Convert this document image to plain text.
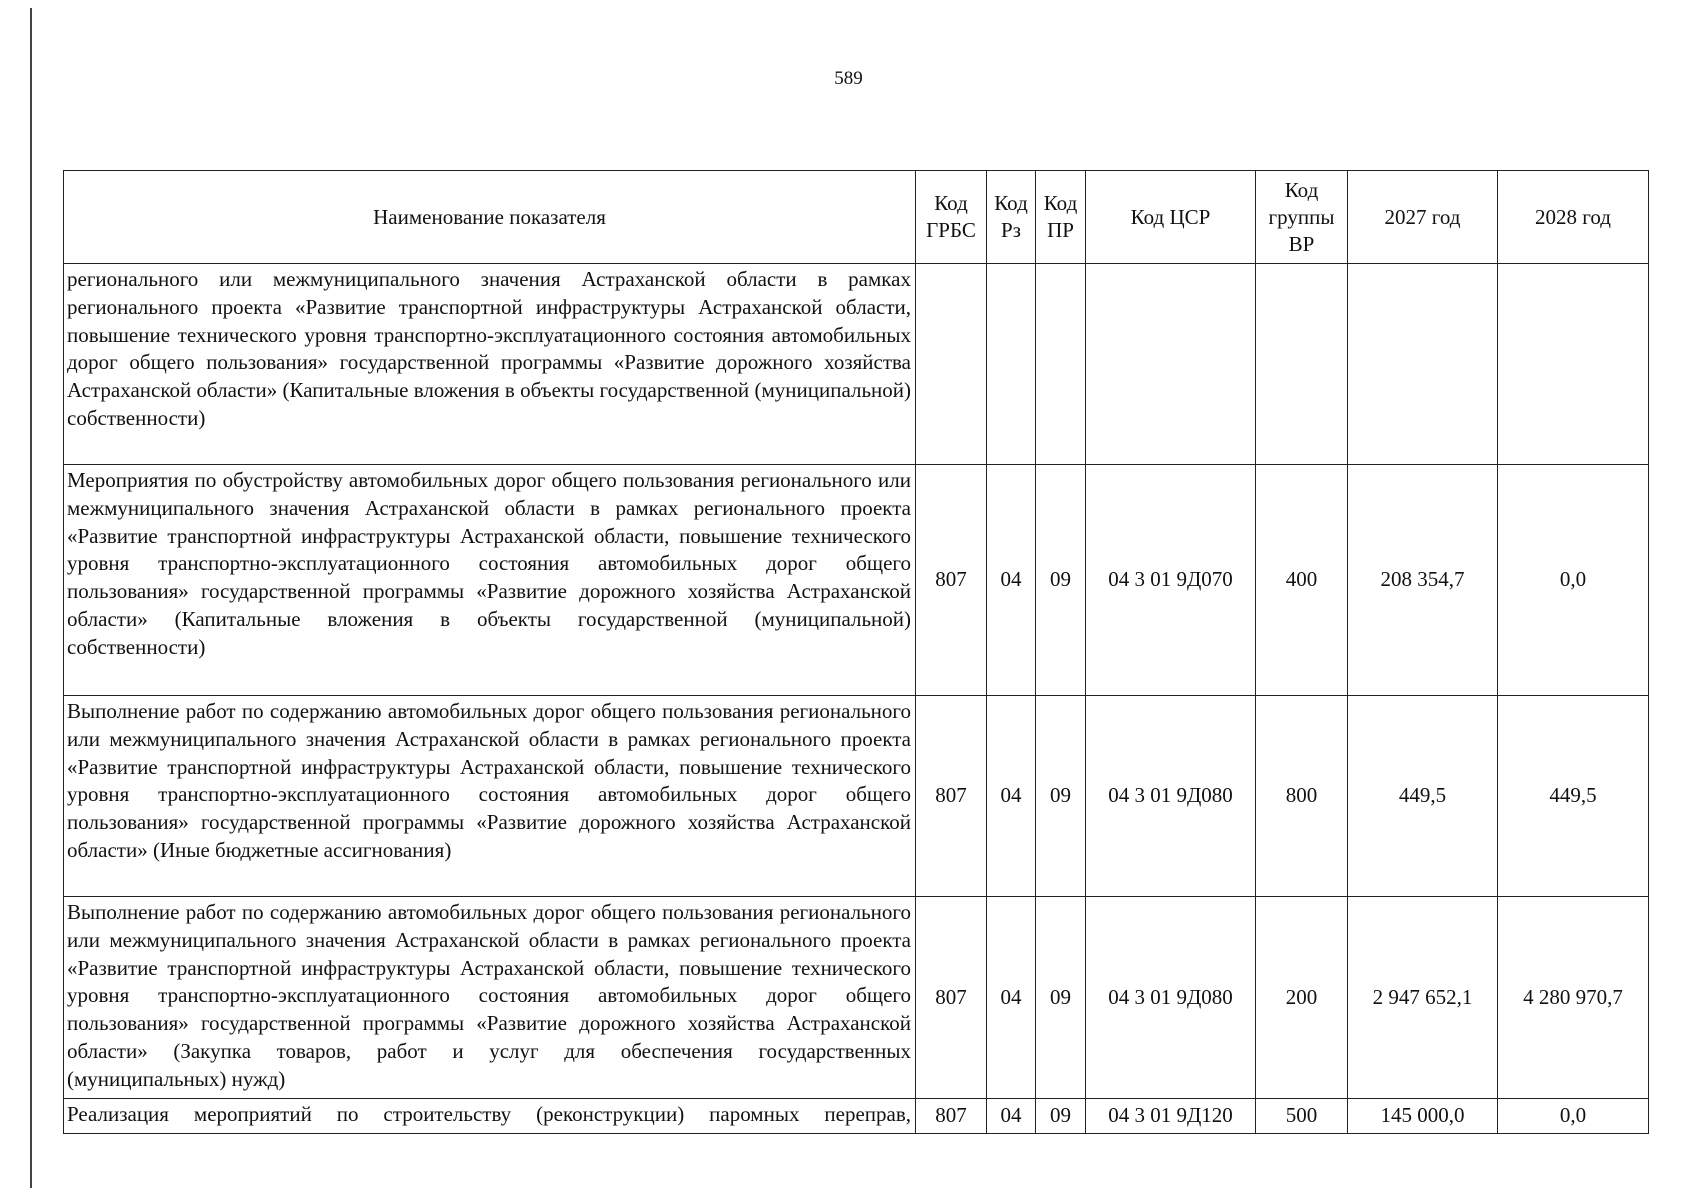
589
Наименование показателя	Код ГРБС	Код Рз	Код ПР	Код ЦСР	Код группы ВР	2027 год	2028 год
регионального или межмуниципального значения Астраханской области в рамках регионального проекта «Развитие транспортной инфраструктуры Астраханской области, повышение технического уровня транспортно-эксплуатационного состояния автомобильных дорог общего пользования» государственной программы «Развитие дорожного хозяйства Астраханской области» (Капитальные вложения в объекты государственной (муниципальной) собственности)							
Мероприятия по обустройству автомобильных дорог общего пользования регионального или межмуниципального значения Астраханской области в рамках регионального проекта «Развитие транспортной инфраструктуры Астраханской области, повышение технического уровня транспортно-эксплуатационного состояния автомобильных дорог общего пользования» государственной программы «Развитие дорожного хозяйства Астраханской области» (Капитальные вложения в объекты государственной (муниципальной) собственности)	807	04	09	04 3 01 9Д070	400	208 354,7	0,0
Выполнение работ по содержанию автомобильных дорог общего пользования регионального или межмуниципального значения Астраханской области в рамках регионального проекта «Развитие транспортной инфраструктуры Астраханской области, повышение технического уровня транспортно-эксплуатационного состояния автомобильных дорог общего пользования» государственной программы «Развитие дорожного хозяйства Астраханской области» (Иные бюджетные ассигнования)	807	04	09	04 3 01 9Д080	800	449,5	449,5
Выполнение работ по содержанию автомобильных дорог общего пользования регионального или межмуниципального значения Астраханской области в рамках регионального проекта «Развитие транспортной инфраструктуры Астраханской области, повышение технического уровня транспортно-эксплуатационного состояния автомобильных дорог общего пользования» государственной программы «Развитие дорожного хозяйства Астраханской области» (Закупка товаров, работ и услуг для обеспечения государственных (муниципальных) нужд)	807	04	09	04 3 01 9Д080	200	2 947 652,1	4 280 970,7
Реализация мероприятий по строительству (реконструкции) паромных переправ,	807	04	09	04 3 01 9Д120	500	145 000,0	0,0
